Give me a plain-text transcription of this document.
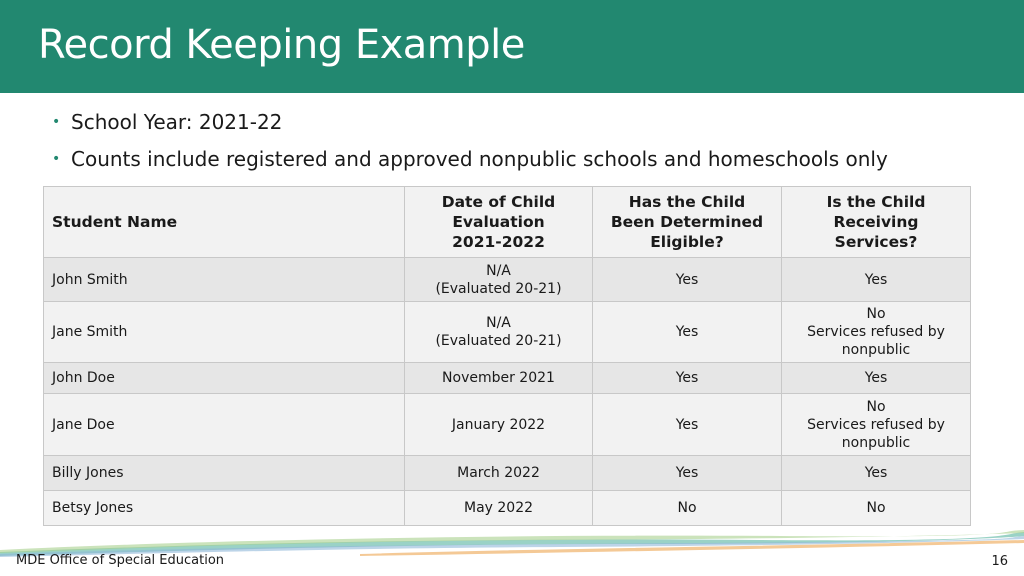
Record Keeping Example
• School Year: 2021-22
• Counts include registered and approved nonpublic schools and homeschools only
Student Name	Date of Child
Evaluation
2021-2022	Has the Child
Been Determined
Eligible?	Is the Child
Receiving
Services?

John Smith	N/A
(Evaluated 20-21)	Yes	Yes

Jane Smith	N/A
(Evaluated 20-21)	Yes	No
Services refused by
nonpublic

John Doe	November 2021	Yes	Yes

Jane Doe	January 2022	Yes	No
Services refused by
nonpublic

Billy Jones	March 2022	Yes	Yes

Betsy Jones	May 2022	No	No
MDE Office of Special Education	16
